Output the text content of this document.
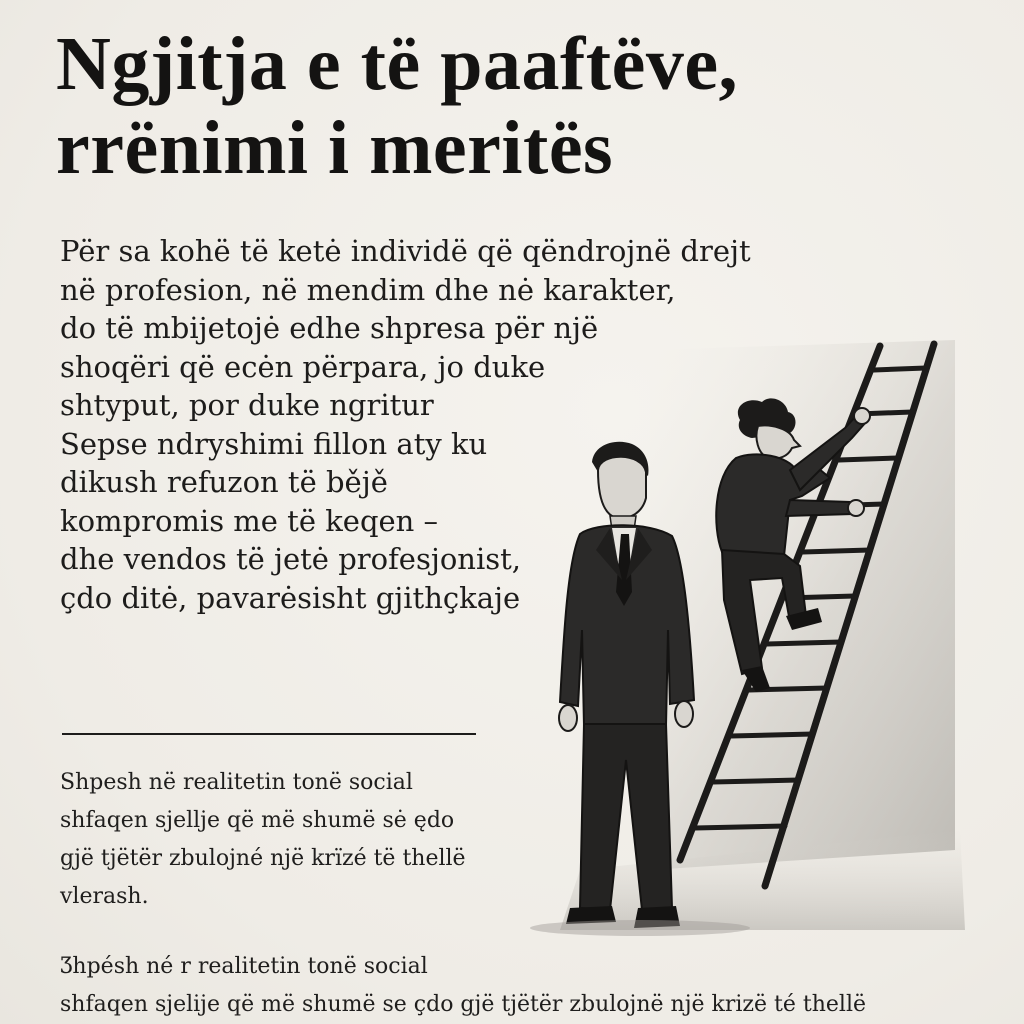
Ngjitja e të paaftëve,
rrënimi i meritës

Për sa kohë të ketė individë që qëndrojnë drejt
në profesion, në mendim dhe nė karakter,
do të mbijetojė edhe shpresa për një
shoqëri që ecėn përpara, jo duke
shtyput, por duke ngritur
Sepse ndryshimi fillon aty ku
dikush refuzon të bějě
kompromis me të keqen –
dhe vendos të jetė profesjonist,
çdo ditė, pavarėsisht gjithçkaje

Shpesh në realitetin tonë social
shfaqen sjellje që më shumë sė ędo
gjë tjëtër zbulojné një krïzé të thellë
vlerash.

Ʒhpésh né r realitetin tonë social
shfaqen sjelije që më shumë se çdo gjë tjëtër zbulojnë një krizë té thellë
